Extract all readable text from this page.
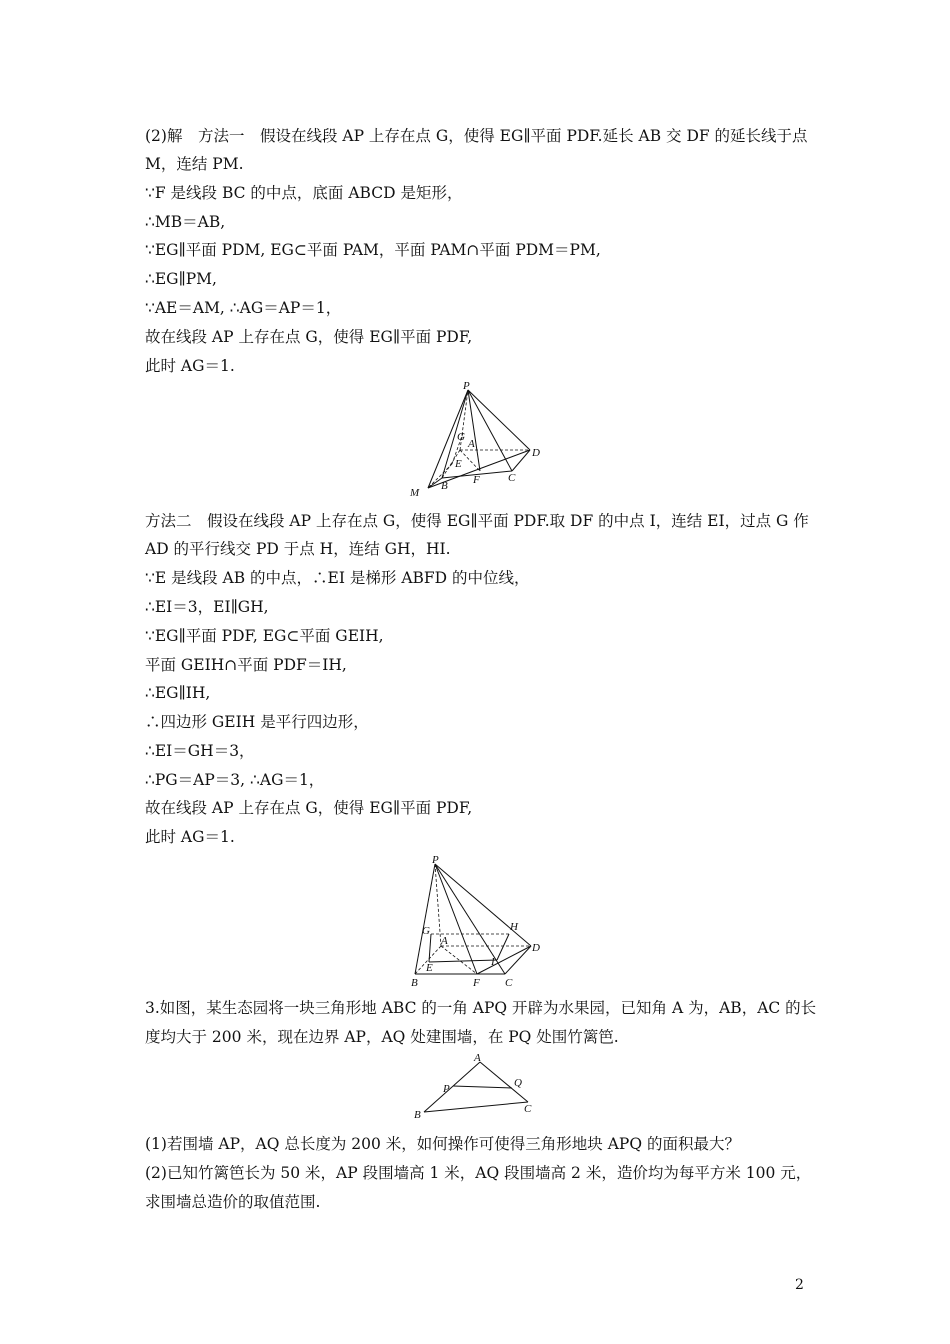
(2)解　方法一　假设在线段 AP 上存在点 G，使得 EG∥平面 PDF.延长 AB 交 DF 的延长线于点
M，连结 PM.
∵F 是线段 BC 的中点，底面 ABCD 是矩形，
∴MB＝AB,
∵EG∥平面 PDM, EG⊂平面 PAM，平面 PAM∩平面 PDM＝PM,
∴EG∥PM,
∵AE＝AM, ∴AG＝AP＝1，
故在线段 AP 上存在点 G，使得 EG∥平面 PDF,
此时 AG＝1.
P
G
A
E
D
B F	C
M
方法二　假设在线段 AP 上存在点 G，使得 EG∥平面 PDF.取 DF 的中点 I，连结 EI，过点 G 作
AD 的平行线交 PD 于点 H，连结 GH，HI.
∵E 是线段 AB 的中点，∴EI 是梯形 ABFD 的中位线，
∴EI＝3，EI∥GH,
∵EG∥平面 PDF, EG⊂平面 GEIH,
平面 GEIH∩平面 PDF＝IH,
∴EG∥IH,
∴四边形 GEIH 是平行四边形，
∴EI＝GH＝3，
∴PG＝AP＝3, ∴AG＝1，
故在线段 AP 上存在点 G，使得 EG∥平面 PDF,
此时 AG＝1.
P
H
G
A
D
E	I
B	F C
3.如图，某生态园将一块三角形地 ABC 的一角 APQ 开辟为水果园，已知角 A 为，AB，AC 的长
度均大于 200 米，现在边界 AP，AQ 处建围墙，在 PQ 处围竹篱笆.
A
P	Q
B	C
(1)若围墙 AP，AQ 总长度为 200 米，如何操作可使得三角形地块 APQ 的面积最大？
(2)已知竹篱笆长为 50 米，AP 段围墙高 1 米，AQ 段围墙高 2 米，造价均为每平方米 100 元，
求围墙总造价的取值范围.
2
